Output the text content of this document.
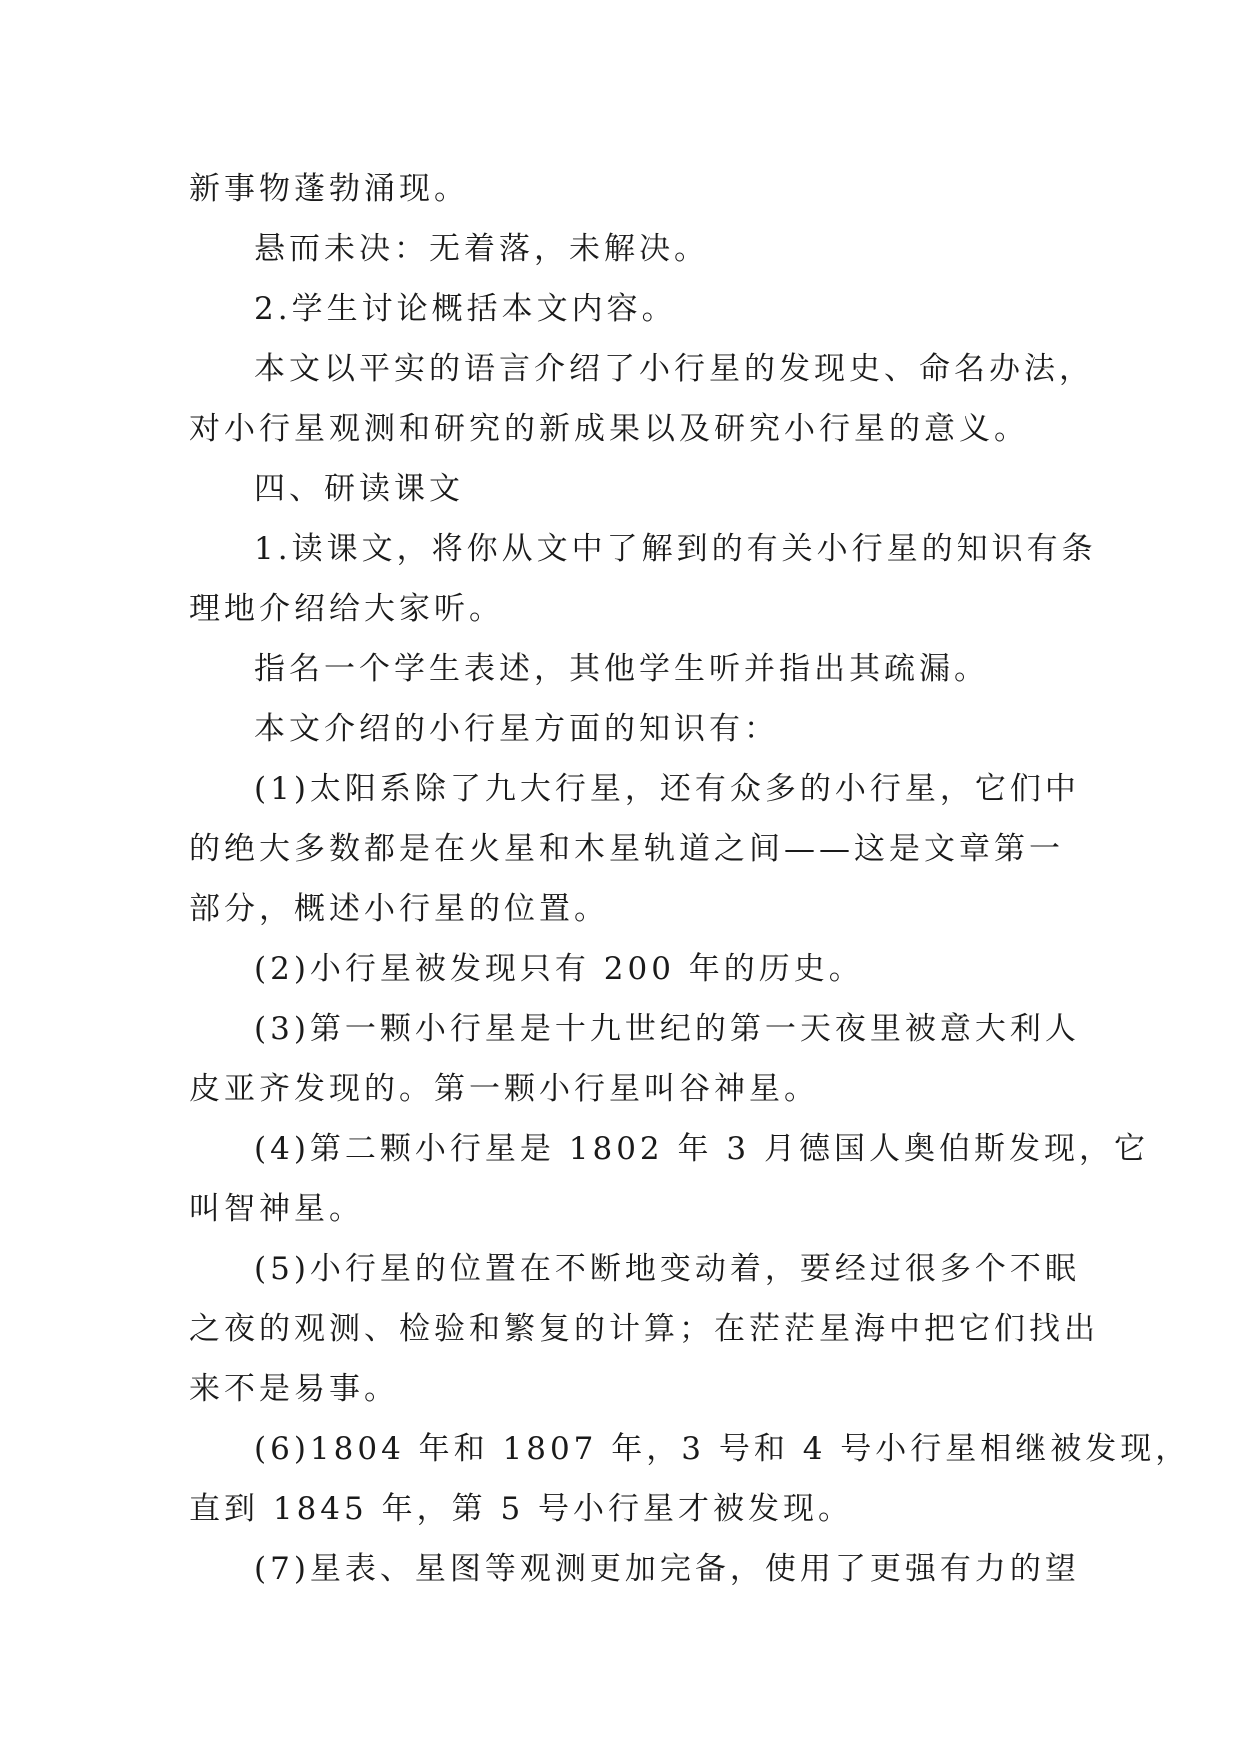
新事物蓬勃涌现。
悬而未决：无着落，未解决。
2.学生讨论概括本文内容。
本文以平实的语言介绍了小行星的发现史、命名办法，
对小行星观测和研究的新成果以及研究小行星的意义。
四、研读课文
1.读课文，将你从文中了解到的有关小行星的知识有条
理地介绍给大家听。
指名一个学生表述，其他学生听并指出其疏漏。
本文介绍的小行星方面的知识有：
(1)太阳系除了九大行星，还有众多的小行星，它们中
的绝大多数都是在火星和木星轨道之间——这是文章第一
部分，概述小行星的位置。
(2)小行星被发现只有 200 年的历史。
(3)第一颗小行星是十九世纪的第一天夜里被意大利人
皮亚齐发现的。第一颗小行星叫谷神星。
(4)第二颗小行星是 1802 年 3 月德国人奥伯斯发现，它
叫智神星。
(5)小行星的位置在不断地变动着，要经过很多个不眠
之夜的观测、检验和繁复的计算；在茫茫星海中把它们找出
来不是易事。
(6)1804 年和 1807 年，3 号和 4 号小行星相继被发现，
直到 1845 年，第 5 号小行星才被发现。
(7)星表、星图等观测更加完备，使用了更强有力的望
